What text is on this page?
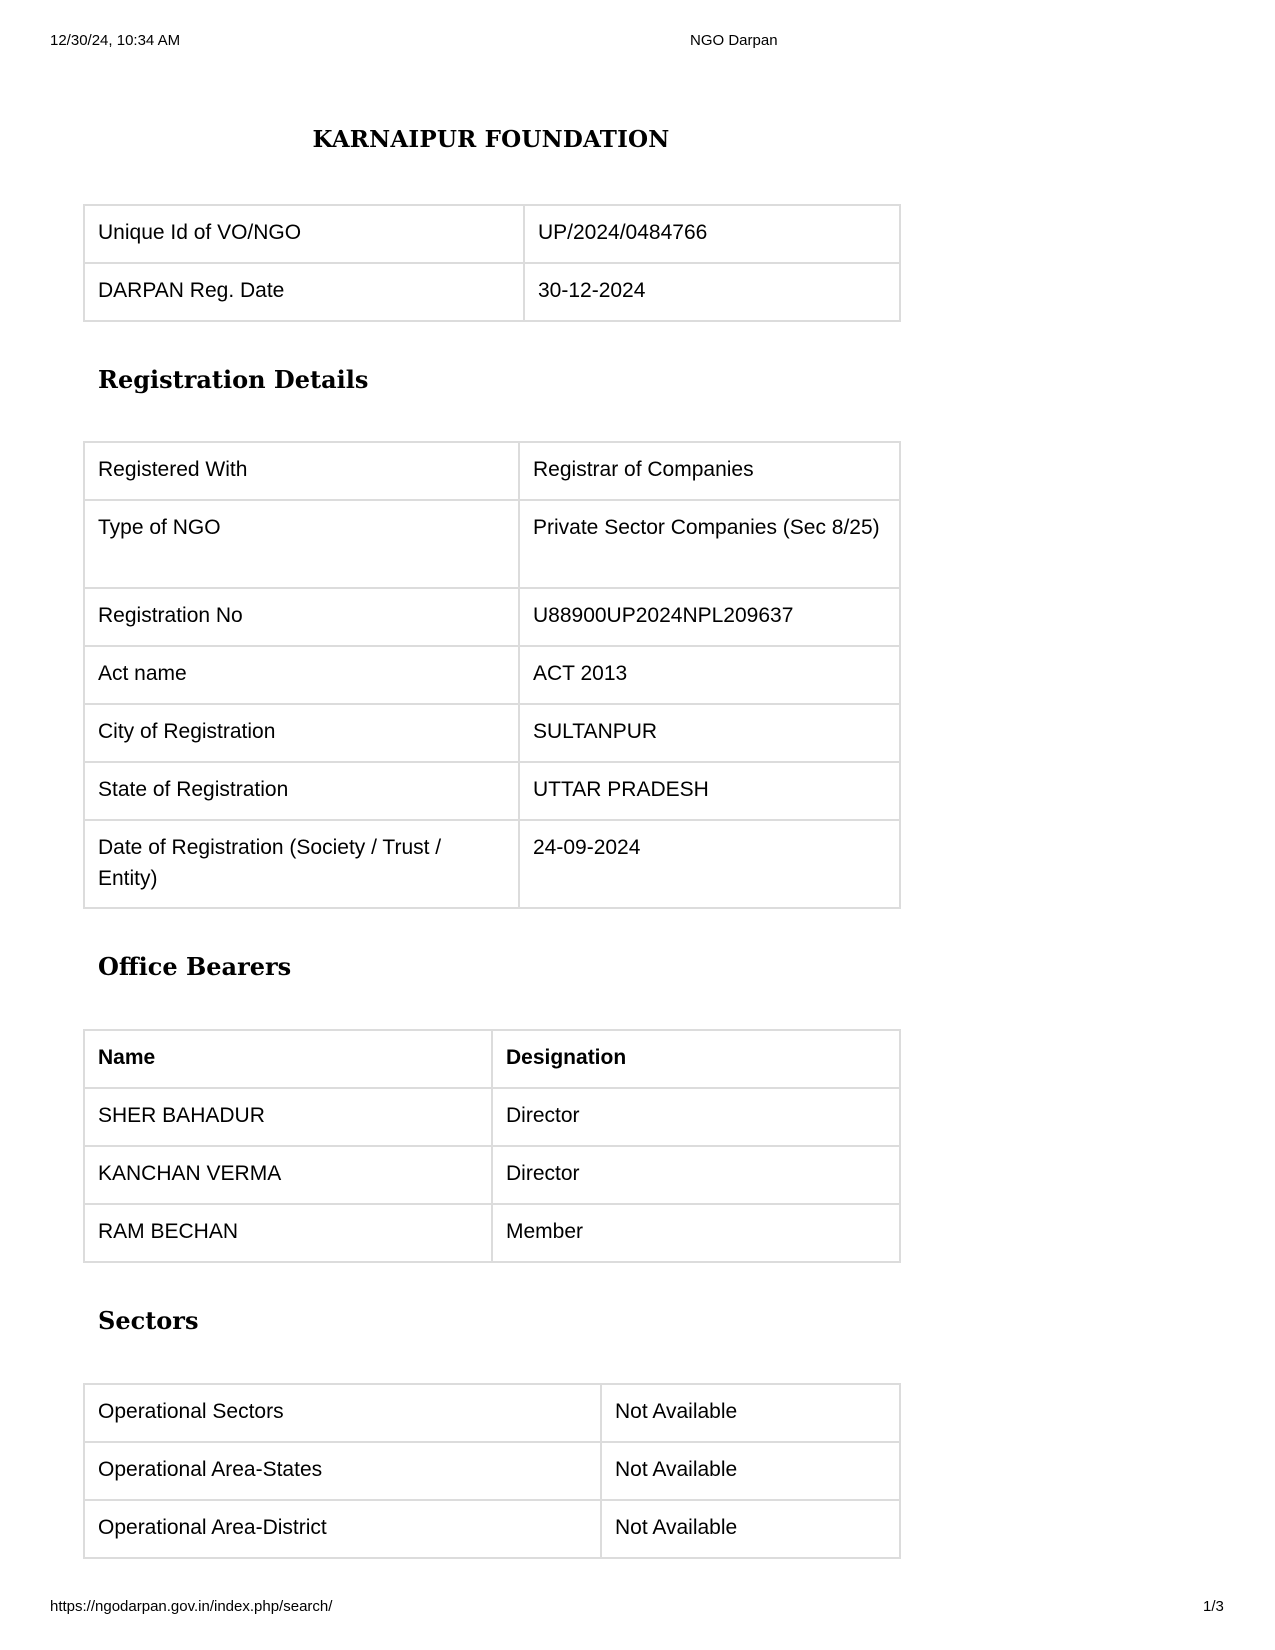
12/30/24, 10:34 AM	NGO Darpan
KARNAIPUR FOUNDATION
Unique Id of VO/NGO	UP/2024/0484766
DARPAN Reg. Date	30-12-2024
Registration Details
Registered With	Registrar of Companies
Type of NGO	Private Sector Companies (Sec 8/25)
Registration No	U88900UP2024NPL209637
Act name	ACT 2013
City of Registration	SULTANPUR
State of Registration	UTTAR PRADESH
Date of Registration (Society / Trust / Entity)	24-09-2024
Office Bearers
Name	Designation
SHER BAHADUR	Director
KANCHAN VERMA	Director
RAM BECHAN	Member
Sectors
Operational Sectors	Not Available
Operational Area-States	Not Available
Operational Area-District	Not Available
https://ngodarpan.gov.in/index.php/search/	1/3
